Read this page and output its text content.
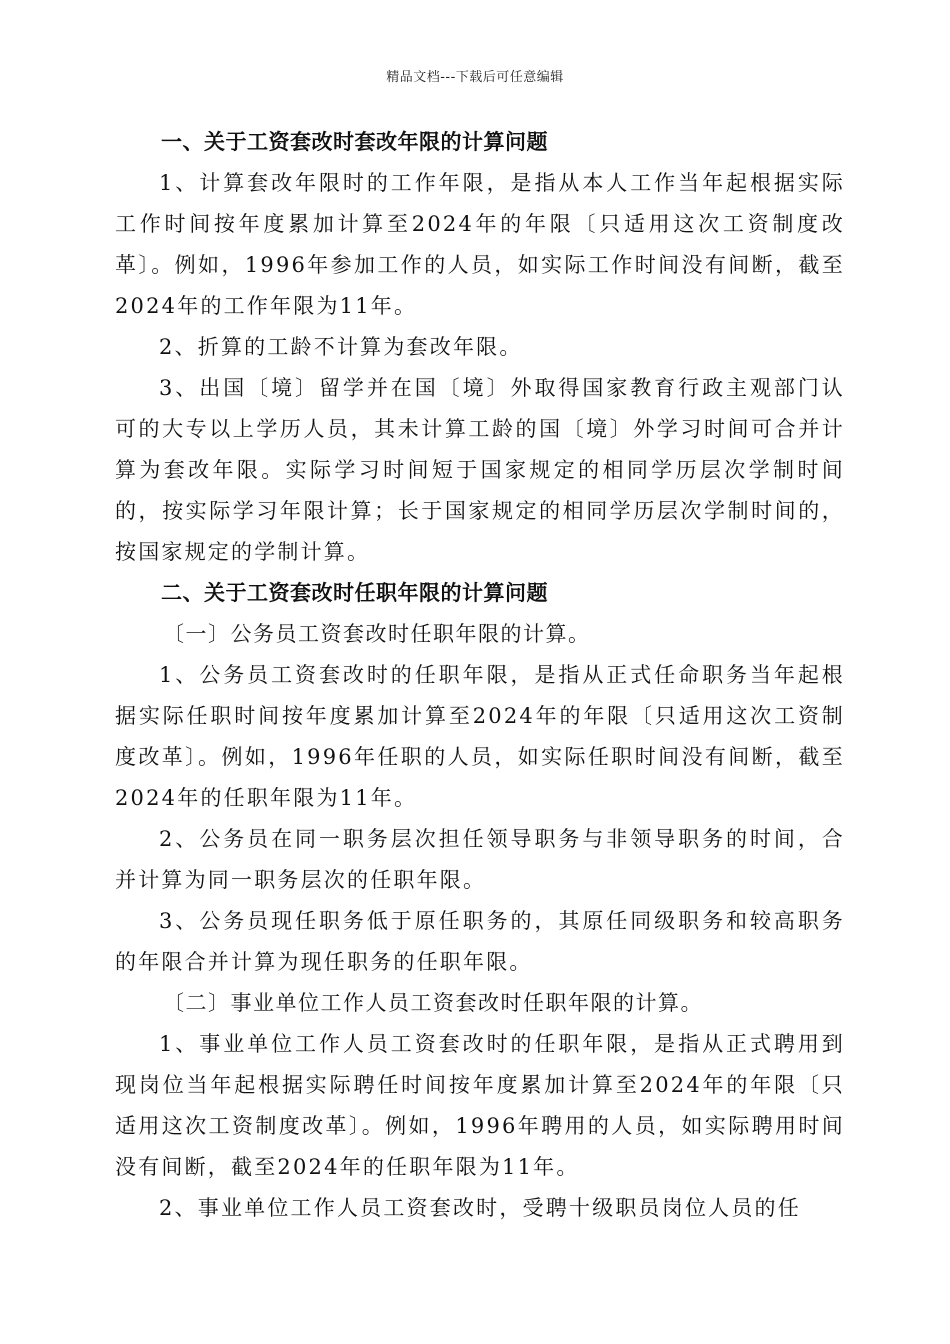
精品文档---下载后可任意编辑

一、关于工资套改时套改年限的计算问题

1、计算套改年限时的工作年限，是指从本人工作当年起根据实际工作时间按年度累加计算至2024年的年限〔只适用这次工资制度改革〕。例如，1996年参加工作的人员，如实际工作时间没有间断，截至2024年的工作年限为11年。

2、折算的工龄不计算为套改年限。

3、出国〔境〕留学并在国〔境〕外取得国家教育行政主观部门认可的大专以上学历人员，其未计算工龄的国〔境〕外学习时间可合并计算为套改年限。实际学习时间短于国家规定的相同学历层次学制时间的，按实际学习年限计算；长于国家规定的相同学历层次学制时间的，按国家规定的学制计算。

二、关于工资套改时任职年限的计算问题

〔一〕公务员工资套改时任职年限的计算。

1、公务员工资套改时的任职年限，是指从正式任命职务当年起根据实际任职时间按年度累加计算至2024年的年限〔只适用这次工资制度改革〕。例如，1996年任职的人员，如实际任职时间没有间断，截至2024年的任职年限为11年。

2、公务员在同一职务层次担任领导职务与非领导职务的时间，合并计算为同一职务层次的任职年限。

3、公务员现任职务低于原任职务的，其原任同级职务和较高职务的年限合并计算为现任职务的任职年限。

〔二〕事业单位工作人员工资套改时任职年限的计算。

1、事业单位工作人员工资套改时的任职年限，是指从正式聘用到现岗位当年起根据实际聘任时间按年度累加计算至2024年的年限〔只适用这次工资制度改革〕。例如，1996年聘用的人员，如实际聘用时间没有间断，截至2024年的任职年限为11年。

2、事业单位工作人员工资套改时，受聘十级职员岗位人员的任
